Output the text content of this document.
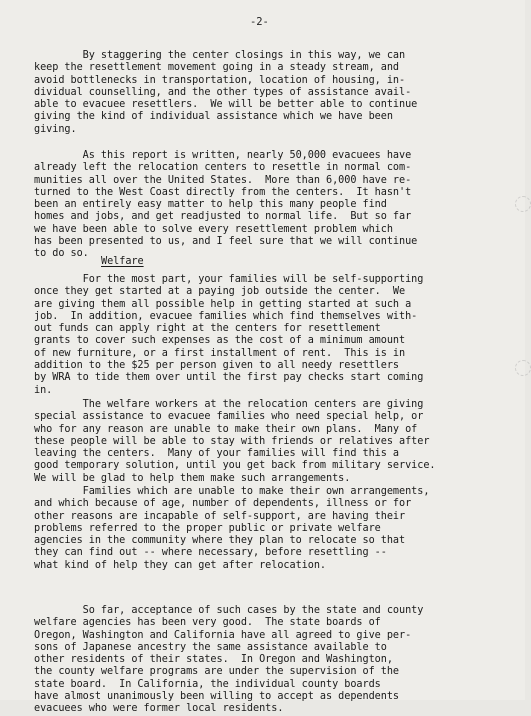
-2-

By staggering the center closings in this way, we can
keep the resettlement movement going in a steady stream, and
avoid bottlenecks in transportation, location of housing, in-
dividual counselling, and the other types of assistance avail-
able to evacuee resettlers.  We will be better able to continue
giving the kind of individual assistance which we have been
giving.

As this report is written, nearly 50,000 evacuees have
already left the relocation centers to resettle in normal com-
munities all over the United States.  More than 6,000 have re-
turned to the West Coast directly from the centers.  It hasn't
been an entirely easy matter to help this many people find
homes and jobs, and get readjusted to normal life.  But so far
we have been able to solve every resettlement problem which
has been presented to us, and I feel sure that we will continue
to do so.

Welfare

For the most part, your families will be self-supporting
once they get started at a paying job outside the center.  We
are giving them all possible help in getting started at such a
job.  In addition, evacuee families which find themselves with-
out funds can apply right at the centers for resettlement
grants to cover such expenses as the cost of a minimum amount
of new furniture, or a first installment of rent.  This is in
addition to the $25 per person given to all needy resettlers
by WRA to tide them over until the first pay checks start coming
in.

The welfare workers at the relocation centers are giving
special assistance to evacuee families who need special help, or
who for any reason are unable to make their own plans.  Many of
these people will be able to stay with friends or relatives after
leaving the centers.  Many of your families will find this a
good temporary solution, until you get back from military service.
We will be glad to help them make such arrangements.

Families which are unable to make their own arrangements,
and which because of age, number of dependents, illness or for
other reasons are incapable of self-support, are having their
problems referred to the proper public or private welfare
agencies in the community where they plan to relocate so that
they can find out -- where necessary, before resettling --
what kind of help they can get after relocation.

So far, acceptance of such cases by the state and county
welfare agencies has been very good.  The state boards of
Oregon, Washington and California have all agreed to give per-
sons of Japanese ancestry the same assistance available to
other residents of their states.  In Oregon and Washington,
the county welfare programs are under the supervision of the
state board.  In California, the individual county boards
have almost unanimously been willing to accept as dependents
evacuees who were former local residents.
